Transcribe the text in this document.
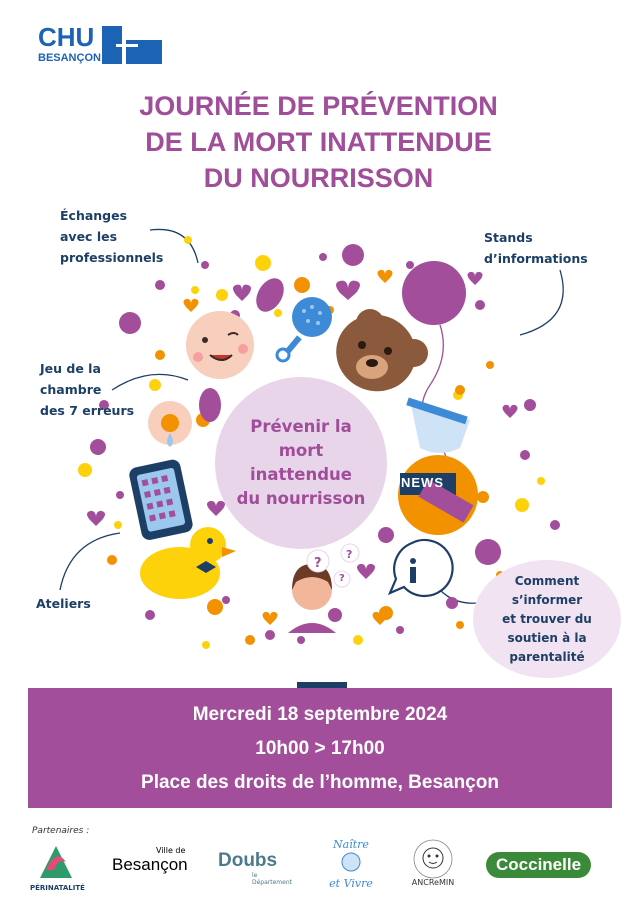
CHU
BESANÇON
JOURNÉE DE PRÉVENTION
DE LA MORT INATTENDUE
DU NOURRISSON
NEWS
?
?
?
Échanges
avec les
professionnels
Stands
d’informations
Jeu de la
chambre
des 7 erreurs
Ateliers
Prévenir la
mort
inattendue
du nourrisson
Comment
s’informer
et trouver du
soutien à la
parentalité
Mercredi 18 septembre 2024
10h00 > 17h00
Place des droits de l’homme, Besançon
Partenaires :
PÉRINATALITÉ
Ville de
Besançon	Doubs
le Département
Naître
et Vivre	ANCReMIN
Coccinelle
